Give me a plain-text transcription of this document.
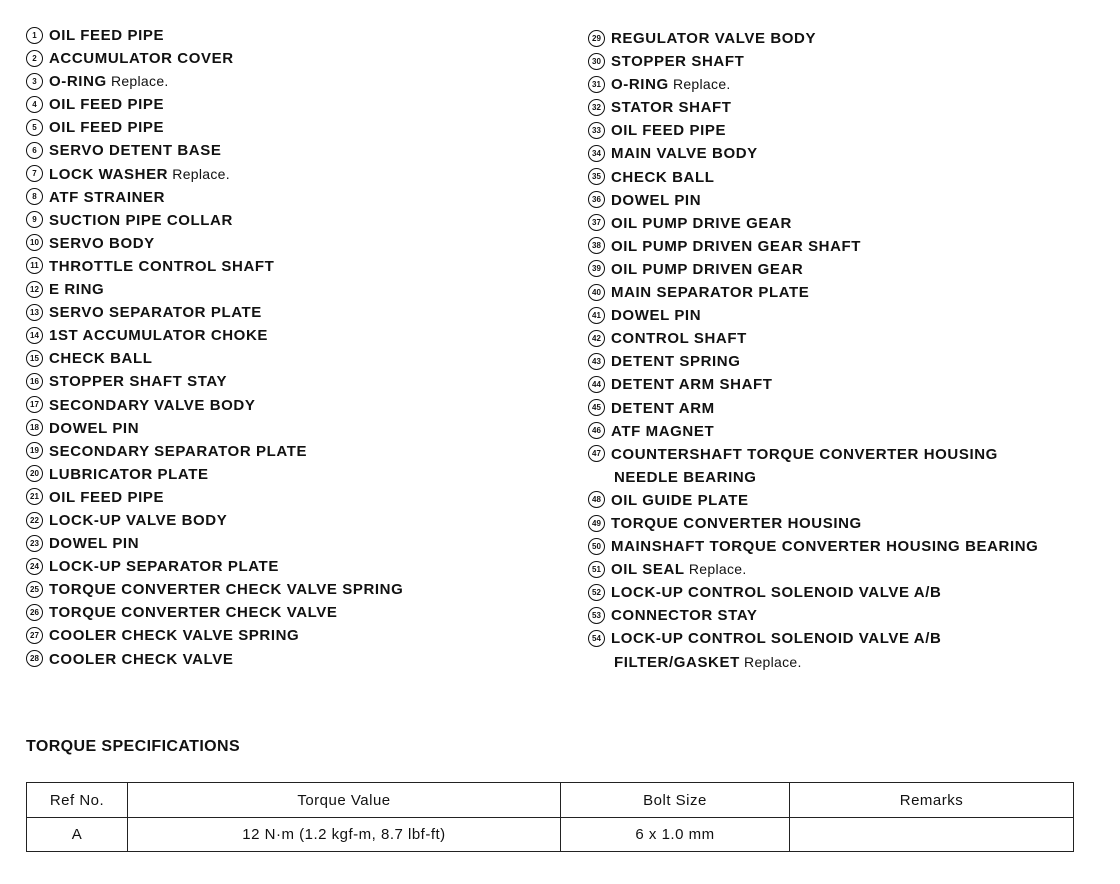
1 OIL FEED PIPE
2 ACCUMULATOR COVER
3 O-RING Replace.
4 OIL FEED PIPE
5 OIL FEED PIPE
6 SERVO DETENT BASE
7 LOCK WASHER Replace.
8 ATF STRAINER
9 SUCTION PIPE COLLAR
10 SERVO BODY
11 THROTTLE CONTROL SHAFT
12 E RING
13 SERVO SEPARATOR PLATE
14 1ST ACCUMULATOR CHOKE
15 CHECK BALL
16 STOPPER SHAFT STAY
17 SECONDARY VALVE BODY
18 DOWEL PIN
19 SECONDARY SEPARATOR PLATE
20 LUBRICATOR PLATE
21 OIL FEED PIPE
22 LOCK-UP VALVE BODY
23 DOWEL PIN
24 LOCK-UP SEPARATOR PLATE
25 TORQUE CONVERTER CHECK VALVE SPRING
26 TORQUE CONVERTER CHECK VALVE
27 COOLER CHECK VALVE SPRING
28 COOLER CHECK VALVE
29 REGULATOR VALVE BODY
30 STOPPER SHAFT
31 O-RING Replace.
32 STATOR SHAFT
33 OIL FEED PIPE
34 MAIN VALVE BODY
35 CHECK BALL
36 DOWEL PIN
37 OIL PUMP DRIVE GEAR
38 OIL PUMP DRIVEN GEAR SHAFT
39 OIL PUMP DRIVEN GEAR
40 MAIN SEPARATOR PLATE
41 DOWEL PIN
42 CONTROL SHAFT
43 DETENT SPRING
44 DETENT ARM SHAFT
45 DETENT ARM
46 ATF MAGNET
47 COUNTERSHAFT TORQUE CONVERTER HOUSING
NEEDLE BEARING
48 OIL GUIDE PLATE
49 TORQUE CONVERTER HOUSING
50 MAINSHAFT TORQUE CONVERTER HOUSING BEARING
51 OIL SEAL Replace.
52 LOCK-UP CONTROL SOLENOID VALVE A/B
53 CONNECTOR STAY
54 LOCK-UP CONTROL SOLENOID VALVE A/B
FILTER/GASKET Replace.
TORQUE SPECIFICATIONS
Ref No.	Torque Value	Bolt Size	Remarks
A	12 N·m (1.2 kgf-m, 8.7 lbf-ft)	6 x 1.0 mm	
